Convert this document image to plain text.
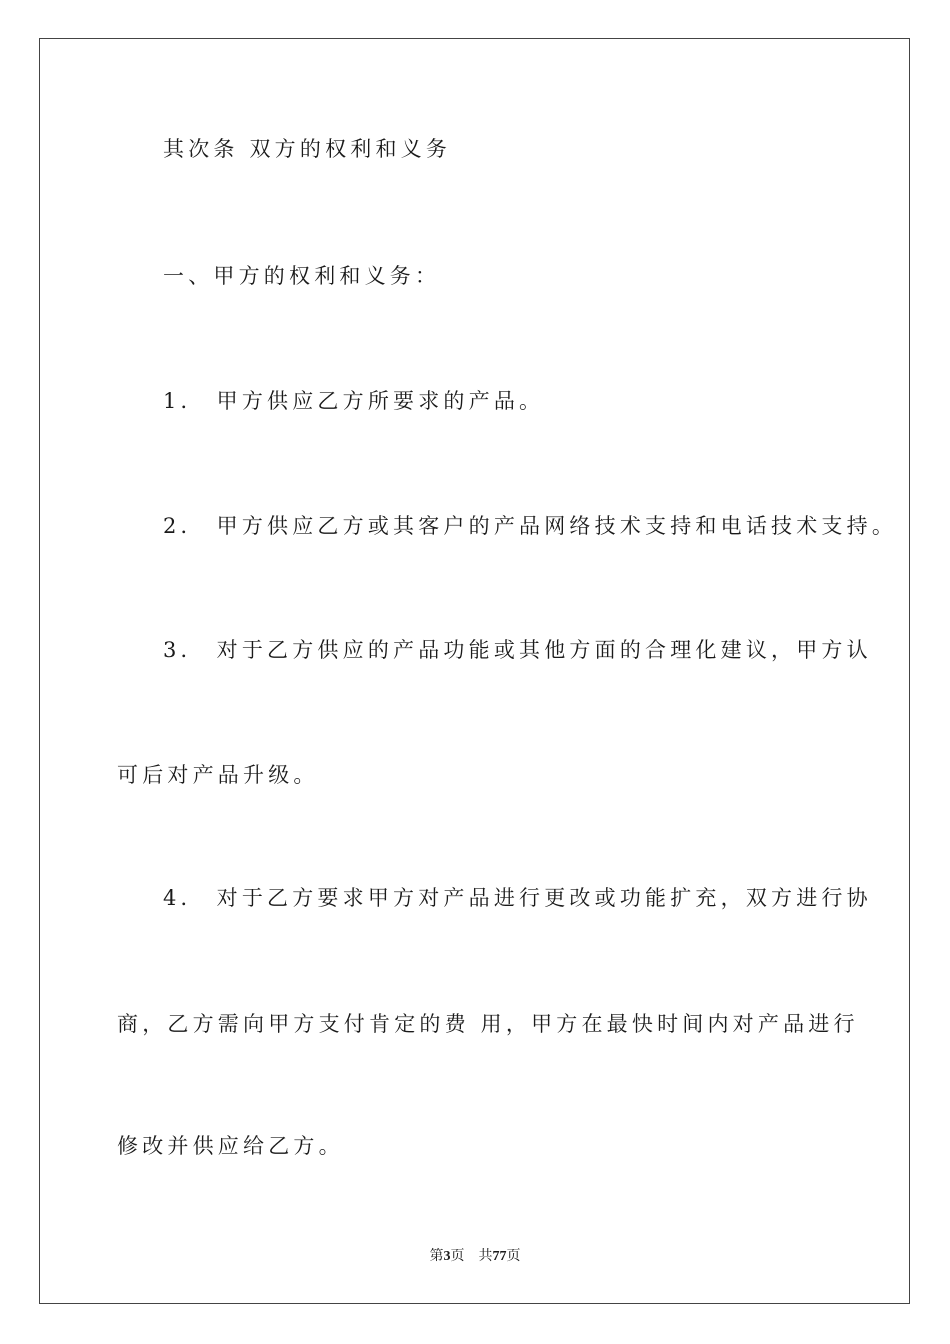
其次条 双方的权利和义务
一、甲方的权利和义务：
1． 甲方供应乙方所要求的产品。
2． 甲方供应乙方或其客户的产品网络技术支持和电话技术支持。
3． 对于乙方供应的产品功能或其他方面的合理化建议，甲方认
可后对产品升级。
4． 对于乙方要求甲方对产品进行更改或功能扩充，双方进行协
商，乙方需向甲方支付肯定的费 用，甲方在最快时间内对产品进行
修改并供应给乙方。
第3页 共77页
